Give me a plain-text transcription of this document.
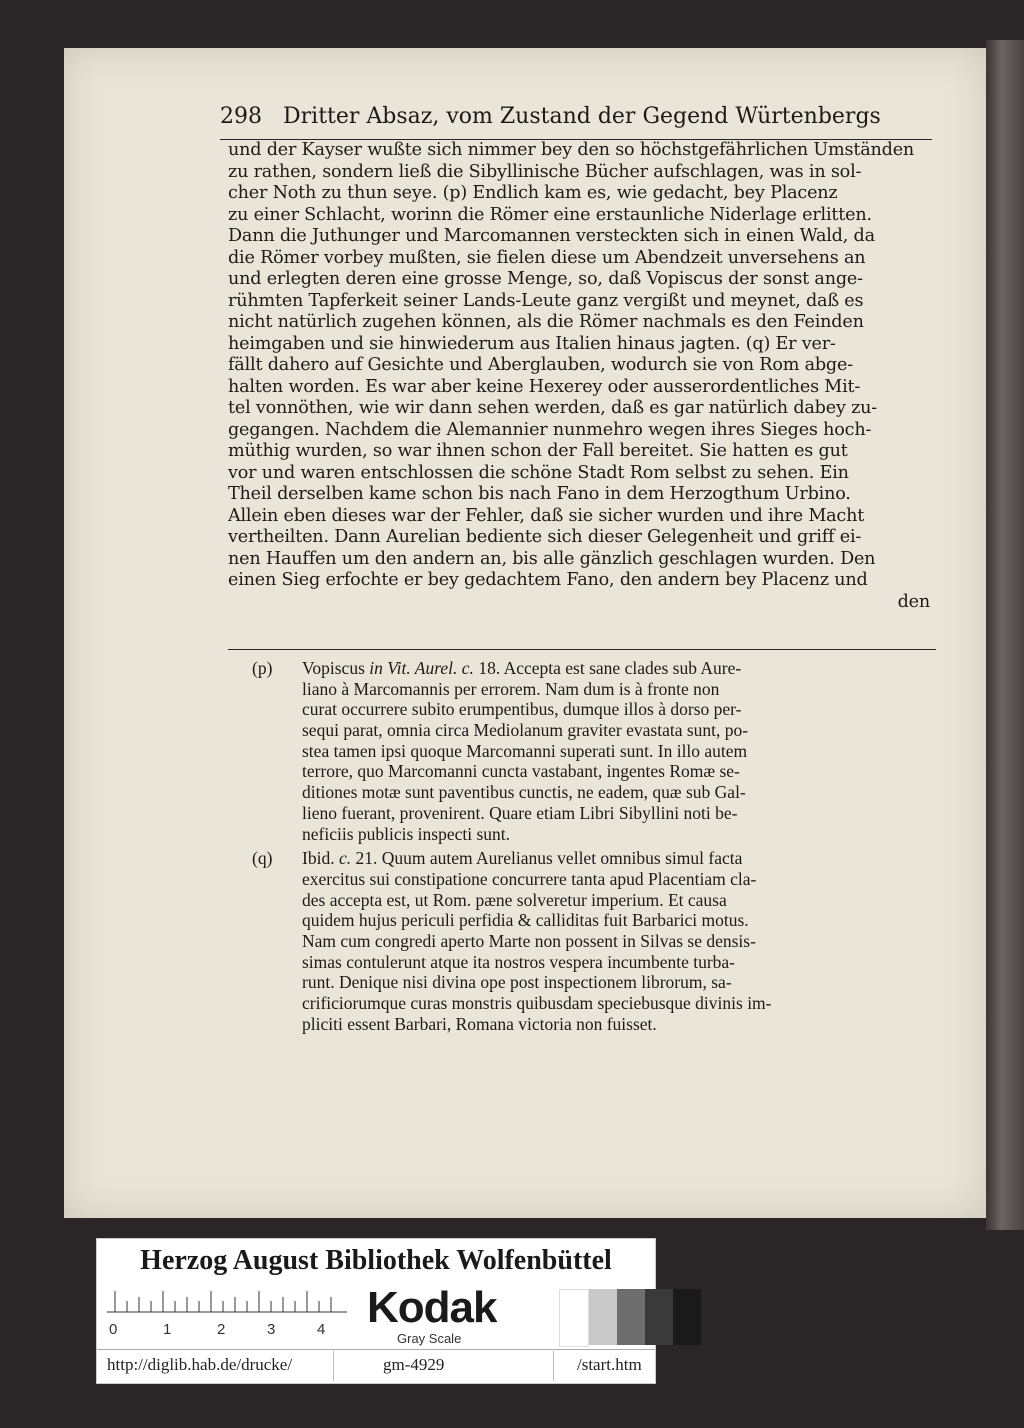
298 Dritter Absaz, vom Zustand der Gegend Würtenbergs
und der Kayser wußte sich nimmer bey den so höchstgefährlichen Umständen
zu rathen, sondern ließ die Sibyllinische Bücher aufschlagen, was in sol-
cher Noth zu thun seye. (p) Endlich kam es, wie gedacht, bey Placenz
zu einer Schlacht, worinn die Römer eine erstaunliche Niderlage erlitten.
Dann die Juthunger und Marcomannen versteckten sich in einen Wald, da
die Römer vorbey mußten, sie fielen diese um Abendzeit unversehens an
und erlegten deren eine grosse Menge, so, daß Vopiscus der sonst ange-
rühmten Tapferkeit seiner Lands-Leute ganz vergißt und meynet, daß es
nicht natürlich zugehen können, als die Römer nachmals es den Feinden
heimgaben und sie hinwiederum aus Italien hinaus jagten. (q) Er ver-
fällt dahero auf Gesichte und Aberglauben, wodurch sie von Rom abge-
halten worden. Es war aber keine Hexerey oder ausserordentliches Mit-
tel vonnöthen, wie wir dann sehen werden, daß es gar natürlich dabey zu-
gegangen. Nachdem die Alemannier nunmehro wegen ihres Sieges hoch-
müthig wurden, so war ihnen schon der Fall bereitet. Sie hatten es gut
vor und waren entschlossen die schöne Stadt Rom selbst zu sehen. Ein
Theil derselben kame schon bis nach Fano in dem Herzogthum Urbino.
Allein eben dieses war der Fehler, daß sie sicher wurden und ihre Macht
vertheilten. Dann Aurelian bediente sich dieser Gelegenheit und griff ei-
nen Hauffen um den andern an, bis alle gänzlich geschlagen wurden. Den
einen Sieg erfochte er bey gedachtem Fano, den andern bey Placenz und
den
(p)	Vopiscus in Vit. Aurel. c. 18. Accepta est sane clades sub Aure-
liano à Marcomannis per errorem. Nam dum is à fronte non
curat occurrere subito erumpentibus, dumque illos à dorso per-
sequi parat, omnia circa Mediolanum graviter evastata sunt, po-
stea tamen ipsi quoque Marcomanni superati sunt. In illo autem
terrore, quo Marcomanni cuncta vastabant, ingentes Romæ se-
ditiones motæ sunt paventibus cunctis, ne eadem, quæ sub Gal-
lieno fuerant, provenirent. Quare etiam Libri Sibyllini noti be-
neficiis publicis inspecti sunt.
(q)	Ibid. c. 21. Quum autem Aurelianus vellet omnibus simul facta
exercitus sui constipatione concurrere tanta apud Placentiam cla-
des accepta est, ut Rom. pæne solveretur imperium. Et causa
quidem hujus periculi perfidia & calliditas fuit Barbarici motus.
Nam cum congredi aperto Marte non possent in Silvas se densis-
simas contulerunt atque ita nostros vespera incumbente turba-
runt. Denique nisi divina ope post inspectionem librorum, sa-
crificiorumque curas monstris quibusdam speciebusque divinis im-
pliciti essent Barbari, Romana victoria non fuisset.
Herzog August Bibliothek Wolfenbüttel
0	1	2	3	4 Kodak
Gray Scale
http://diglib.hab.de/drucke/	gm-4929	/start.htm
